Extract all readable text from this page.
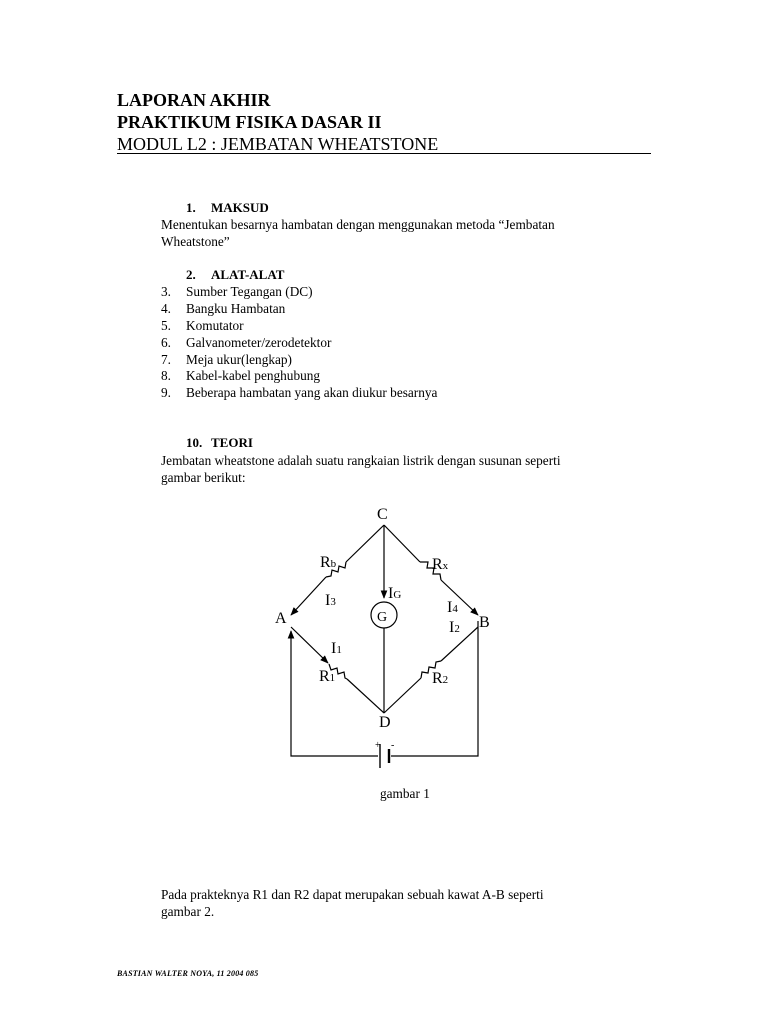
LAPORAN AKHIR
PRAKTIKUM FISIKA DASAR II
MODUL L2 : JEMBATAN WHEATSTONE
1. MAKSUD
Menentukan besarnya hambatan dengan menggunakan metoda “Jembatan
Wheatstone”
2. ALAT-ALAT
3. Sumber Tegangan (DC)
4. Bangku Hambatan
5. Komutator
6. Galvanometer/zerodetektor
7. Meja ukur(lengkap)
8. Kabel-kabel penghubung
9. Beberapa hambatan yang akan diukur besarnya
10. TEORI
Jembatan wheatstone adalah suatu rangkaian listrik dengan susunan seperti
gambar berikut:
C
A	B
D
G
Rb	Rx
R1	R2
I3	I4
I1
I2
IG
+ -
gambar 1
Pada prakteknya R1 dan R2 dapat merupakan sebuah kawat A-B seperti
gambar 2.
BASTIAN WALTER NOYA, 11 2004 085
